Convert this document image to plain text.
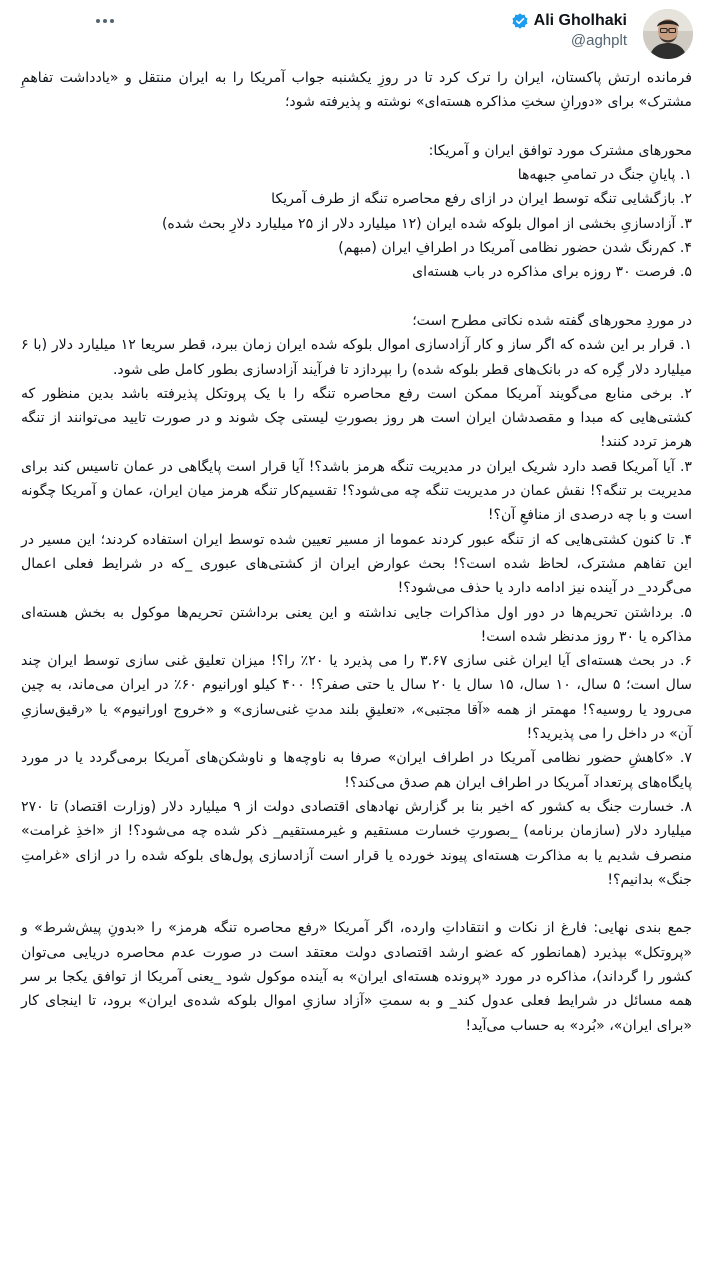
Ali Gholhaki
@aghplt
فرمانده ارتش پاکستان، ایران را ترک کرد تا در روزِ یکشنبه جواب آمریکا را به ایران منتقل و «یادداشت تفاهمِ مشترک» برای «دورانِ سختِ مذاکره هسته‌ای» نوشته و پذیرفته شود؛
محورهای مشترک مورد توافق ایران و آمریکا:
۱. پایانِ جنگ در تمامیِ جبهه‌ها
۲. بازگشایی تنگه توسط ایران در ازای رفع محاصره تنگه از طرف آمریکا
۳. آزادسازیِ بخشی از اموال بلوکه شده ایران (۱۲ میلیارد دلار از ۲۵ میلیارد دلارِ بحث شده)
۴. کم‌رنگ شدن حضور نظامی آمریکا در اطرافِ ایران (مبهم)
۵. فرصت ۳۰ روزه برای مذاکره در باب هسته‌ای
در موردِ محورهای گفته شده نکاتی مطرح است؛
۱. قرار بر این شده که اگر ساز و کار آزادسازی اموال بلوکه شده ایران زمان ببرد، قطر سریعا ۱۲ میلیارد دلار (با ۶ میلیارد دلار گِره که در بانک‌های قطر بلوکه شده) را بپردازد تا فرآیند آزادسازی بطور کامل طی شود.
۲. برخی منابع می‌گویند آمریکا ممکن است رفع محاصره تنگه را با یک پروتکل پذیرفته باشد بدین منظور که کشتی‌هایی که مبدا و مقصدشان ایران است هر روز بصورتِ لیستی چک شوند و در صورت تایید می‌توانند از تنگه هرمز تردد کنند!
۳. آیا آمریکا قصد دارد شریک ایران در مدیریت تنگه هرمز باشد؟! آیا قرار است پایگاهی در عمان تاسیس کند برای مدیریت بر تنگه؟! نقش عمان در مدیریت تنگه چه می‌شود؟! تقسیم‌کار تنگه هرمز میان ایران، عمان و آمریکا چگونه است و با چه درصدی از منافعِ آن؟!
۴. تا کنون کشتی‌هایی که از تنگه عبور کردند عموما از مسیر تعیین شده توسط ایران استفاده کردند؛ این مسیر در این تفاهم مشترک، لحاظ شده است؟! بحث عوارض ایران از کشتی‌های عبوری _که در شرایط فعلی اعمال می‌گردد_ در آینده نیز ادامه دارد یا حذف می‌شود؟!
۵. برداشتن تحریم‌ها در دور اول مذاکرات جایی نداشته و این یعنی برداشتن تحریم‌ها موکول به بخش هسته‌ای مذاکره یا ۳۰ روز مدنظر شده است!
۶. در بحث هسته‌ای آیا ایران غنی سازی ۳.۶۷ را می پذیرد یا ۲۰٪ را؟! میزان تعلیق غنی سازی توسط ایران چند سال است؛ ۵ سال، ۱۰ سال، ۱۵ سال یا ۲۰ سال یا حتی صفر؟! ۴۰۰ کیلو اورانیوم ۶۰٪ در ایران می‌ماند، به چین می‌رود یا روسیه؟! مهمتر از همه «آقا مجتبی»، «تعلیقِ بلند مدتِ غنی‌سازی» و «خروج اورانیوم» یا «رقیق‌سازیِ آن» در داخل را می پذیرید؟!
۷. «کاهشِ حضور نظامی آمریکا در اطراف ایران» صرفا به ناوچه‌ها و ناوشکن‌های آمریکا برمی‌گردد یا در مورد پایگاه‌های پرتعداد آمریکا در اطراف ایران هم صدق می‌کند؟!
۸. خسارت جنگ به کشور که اخیر بنا بر گزارش نهادهای اقتصادی دولت از ۹ میلیارد دلار (وزارت اقتصاد) تا ۲۷۰ میلیارد دلار (سازمان برنامه) _بصورتِ خسارت مستقیم و غیرمستقیم_ ذکر شده چه می‌شود؟! از «اخذِ غرامت» منصرف شدیم یا به مذاکرت هسته‌ای پیوند خورده یا قرار است آزادسازی پول‌های بلوکه شده را در ازای «غرامتِ جنگ» بدانیم؟!
جمع بندی نهایی: فارغ از نکات و انتقاداتِ وارده، اگر آمریکا «رفع محاصره تنگه هرمز» را «بدونِ پیش‌شرط» و «پروتکل» بپذیرد (همانطور که عضو ارشد اقتصادی دولت معتقد است در صورت عدم محاصره دریایی می‌توان کشور را گرداند)، مذاکره در مورد «پرونده هسته‌ای ایران» به آینده موکول شود _یعنی آمریکا از توافق یکجا بر سر همه مسائل در شرایط فعلی عدول کند_ و به سمتِ «آزاد سازیِ اموال بلوکه شده‌ی ایران» برود، تا اینجای کار «برای ایران»، «بُرد» به حساب می‌آید!
